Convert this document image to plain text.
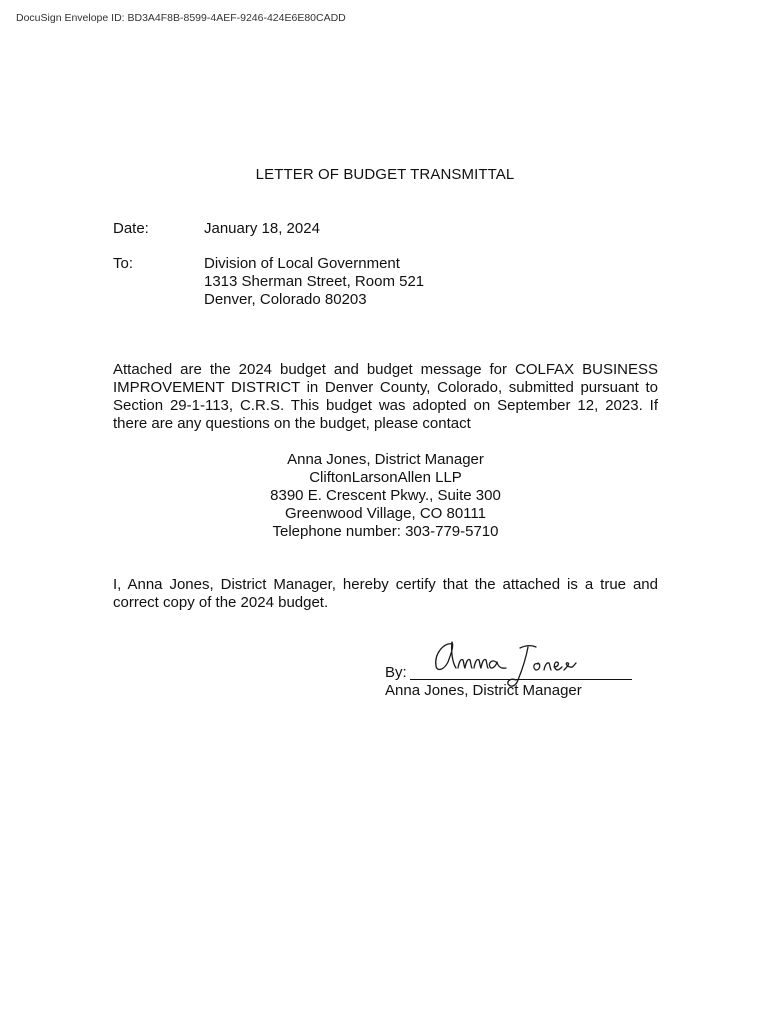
DocuSign Envelope ID: BD3A4F8B-8599-4AEF-9246-424E6E80CADD
LETTER OF BUDGET TRANSMITTAL
Date:	January 18, 2024
To:	Division of Local Government
1313 Sherman Street, Room 521
Denver, Colorado 80203
Attached are the 2024 budget and budget message for COLFAX BUSINESS IMPROVEMENT DISTRICT in Denver County, Colorado, submitted pursuant to Section 29-1-113, C.R.S. This budget was adopted on September 12, 2023. If there are any questions on the budget, please contact
Anna Jones, District Manager
CliftonLarsonAllen LLP
8390 E. Crescent Pkwy., Suite 300
Greenwood Village, CO 80111
Telephone number: 303-779-5710
I, Anna Jones, District Manager, hereby certify that the attached is a true and correct copy of the 2024 budget.
By:
Anna Jones, District Manager
